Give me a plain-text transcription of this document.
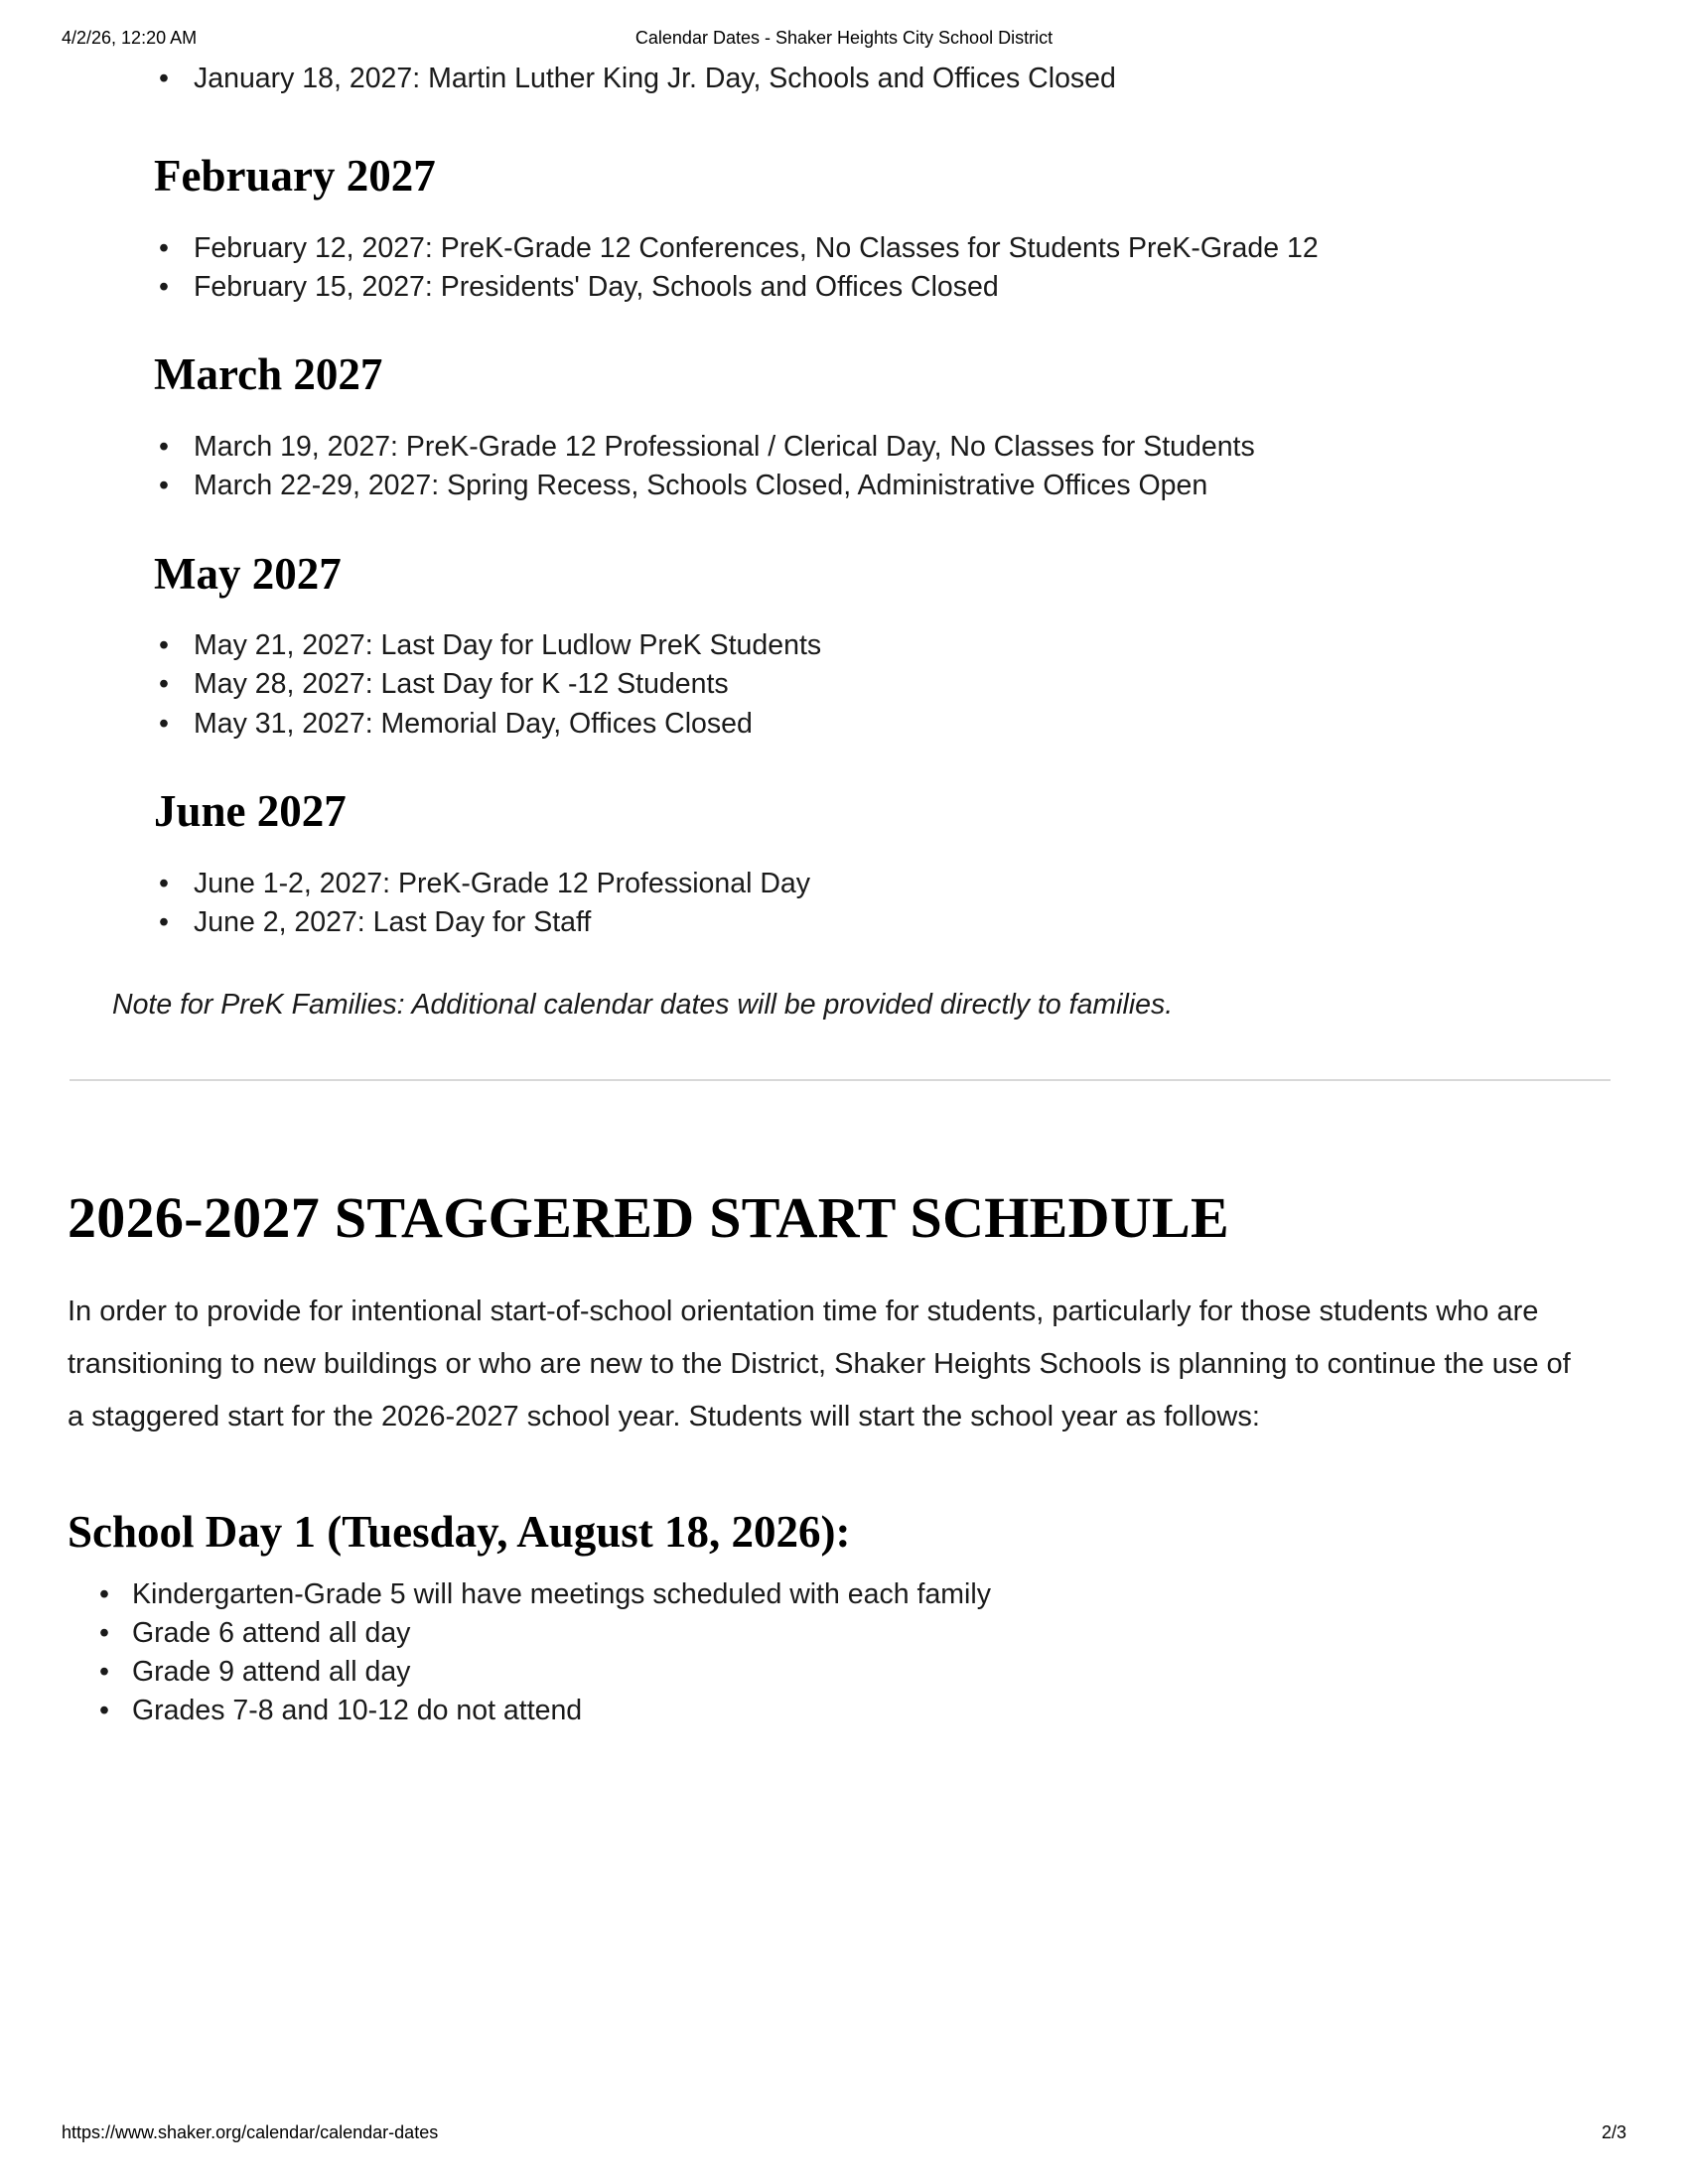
4/2/26, 12:20 AM	Calendar Dates - Shaker Heights City School District
• January 18, 2027: Martin Luther King Jr. Day, Schools and Offices Closed
February 2027
• February 12, 2027: PreK-Grade 12 Conferences, No Classes for Students PreK-Grade 12
• February 15, 2027: Presidents' Day, Schools and Offices Closed
March 2027
• March 19, 2027: PreK-Grade 12 Professional / Clerical Day, No Classes for Students
• March 22-29, 2027: Spring Recess, Schools Closed, Administrative Offices Open
May 2027
• May 21, 2027: Last Day for Ludlow PreK Students
• May 28, 2027: Last Day for K -12 Students
• May 31, 2027: Memorial Day, Offices Closed
June 2027
• June 1-2, 2027: PreK-Grade 12 Professional Day
• June 2, 2027: Last Day for Staff
Note for PreK Families: Additional calendar dates will be provided directly to families.
2026-2027 STAGGERED START SCHEDULE

In order to provide for intentional start-of-school orientation time for students, particularly for those students who are transitioning to new buildings or who are new to the District, Shaker Heights Schools is planning to continue the use of a staggered start for the 2026-2027 school year. Students will start the school year as follows:

School Day 1 (Tuesday, August 18, 2026):
• Kindergarten-Grade 5 will have meetings scheduled with each family
• Grade 6 attend all day
• Grade 9 attend all day
• Grades 7-8 and 10-12 do not attend
https://www.shaker.org/calendar/calendar-dates	2/3
